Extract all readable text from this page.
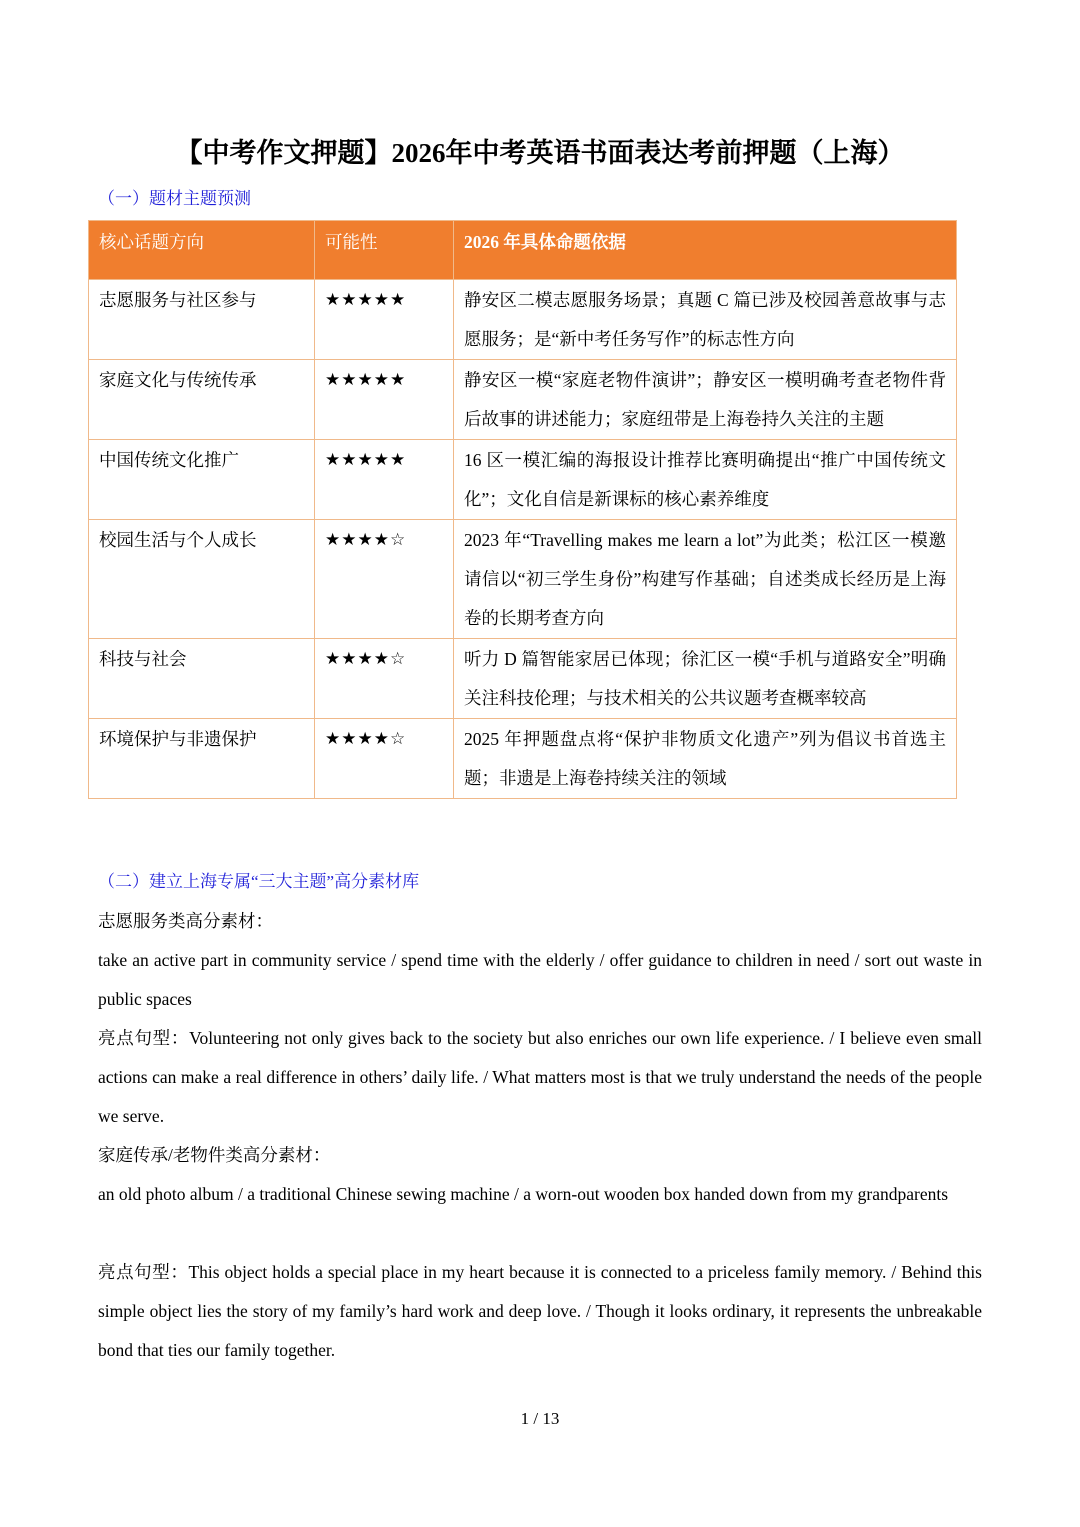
【中考作文押题】2026年中考英语书面表达考前押题（上海）
（一）题材主题预测
核心话题方向	可能性	2026 年具体命题依据
志愿服务与社区参与	★★★★★	静安区二模志愿服务场景；真题 C 篇已涉及校园善意故事与志愿服务；是“新中考任务写作”的标志性方向
家庭文化与传统传承	★★★★★	静安区一模“家庭老物件演讲”；静安区一模明确考查老物件背后故事的讲述能力；家庭纽带是上海卷持久关注的主题
中国传统文化推广	★★★★★	16 区一模汇编的海报设计推荐比赛明确提出“推广中国传统文化”；文化自信是新课标的核心素养维度
校园生活与个人成长	★★★★☆	2023 年“Travelling makes me learn a lot”为此类；松江区一模邀请信以“初三学生身份”构建写作基础；自述类成长经历是上海卷的长期考查方向
科技与社会	★★★★☆	听力 D 篇智能家居已体现；徐汇区一模“手机与道路安全”明确关注科技伦理；与技术相关的公共议题考查概率较高
环境保护与非遗保护	★★★★☆	2025 年押题盘点将“保护非物质文化遗产”列为倡议书首选主题；非遗是上海卷持续关注的领域
（二）建立上海专属“三大主题”高分素材库
志愿服务类高分素材：

take an active part in community service / spend time with the elderly / offer guidance to children in need / sort out waste in public spaces

亮点句型：Volunteering not only gives back to the society but also enriches our own life experience. / I believe even small actions can make a real difference in others’ daily life. / What matters most is that we truly understand the needs of the people we serve.

家庭传承/老物件类高分素材：

an old photo album / a traditional Chinese sewing machine / a worn-out wooden box handed down from my grandparents

亮点句型：This object holds a special place in my heart because it is connected to a priceless family memory. / Behind this simple object lies the story of my family’s hard work and deep love. / Though it looks ordinary, it represents the unbreakable bond that ties our family together.

1 / 13
